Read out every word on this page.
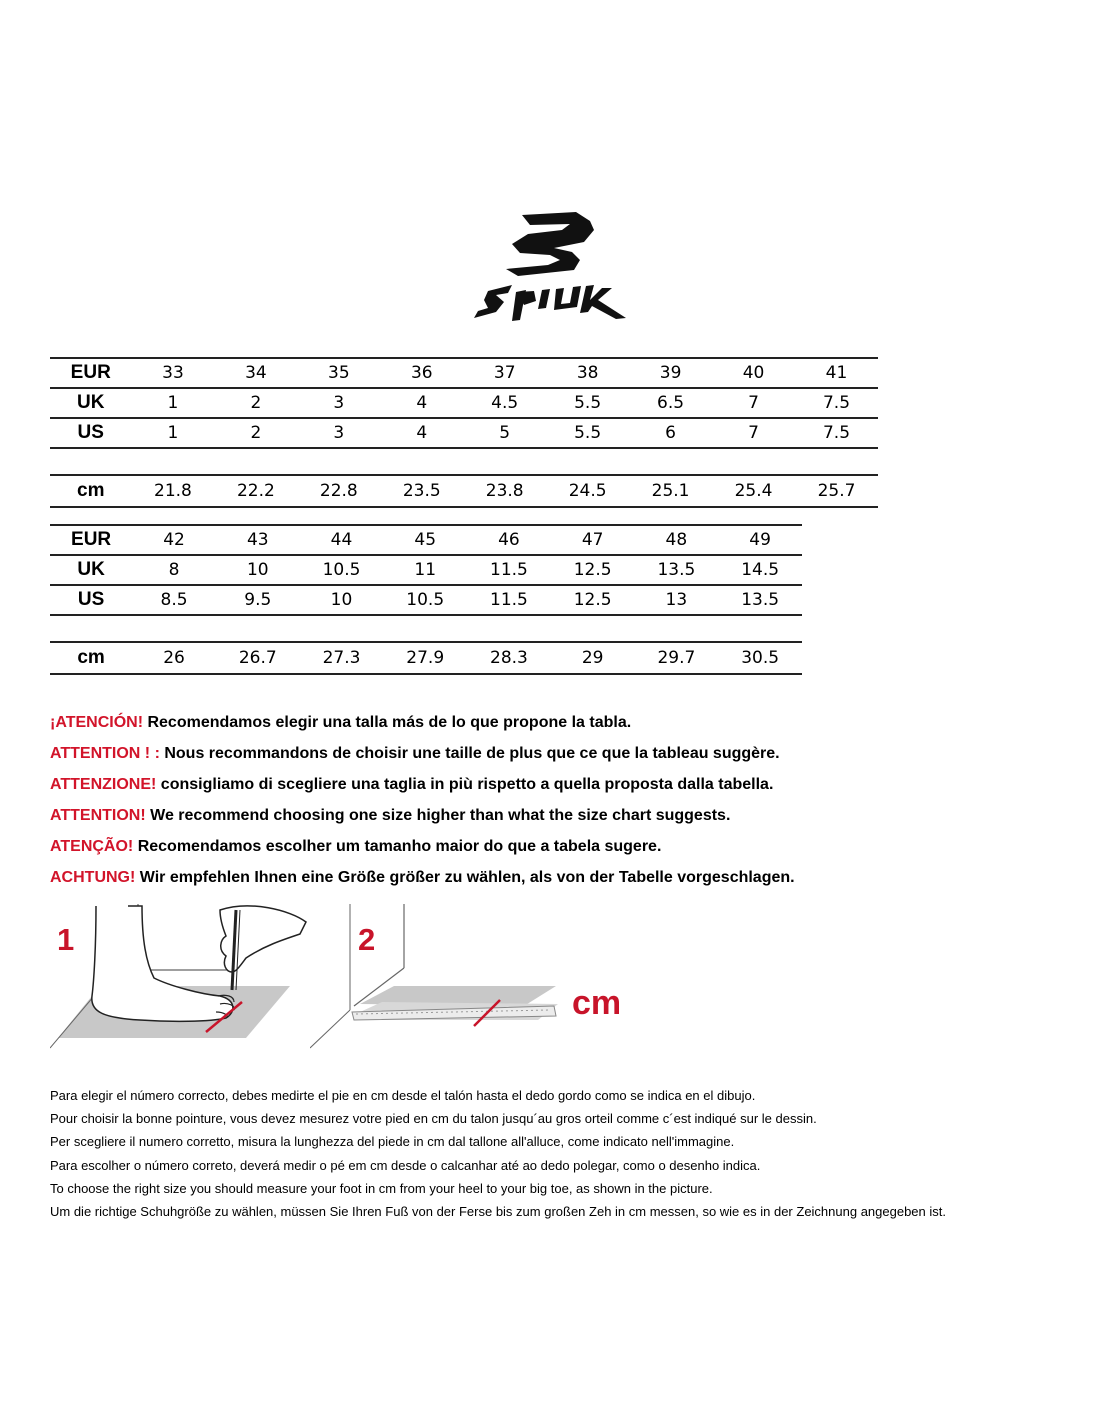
EUR	33	34	35	36	37	38	39	40	41
UK	1	2	3	4	4.5	5.5	6.5	7	7.5
US	1	2	3	4	5	5.5	6	7	7.5

cm	21.8	22.2	22.8	23.5	23.8	24.5	25.1	25.4	25.7
EUR	42	43	44	45	46	47	48	49
UK	8	10	10.5	11	11.5	12.5	13.5	14.5
US	8.5	9.5	10	10.5	11.5	12.5	13	13.5

cm	26	26.7	27.3	27.9	28.3	29	29.7	30.5
¡ATENCIÓN! Recomendamos elegir una talla más de lo que propone la tabla.
ATTENTION ! : Nous recommandons de choisir une taille de plus que ce que la tableau suggère.
ATTENZIONE! consigliamo di scegliere una taglia in più rispetto a quella proposta dalla tabella.
ATTENTION! We recommend choosing one size higher than what the size chart suggests.
ATENÇÃO! Recomendamos escolher um tamanho maior do que a tabela sugere.
ACHTUNG! Wir empfehlen Ihnen eine Größe größer zu wählen, als von der Tabelle vorgeschlagen.
1	2
cm
Para elegir el número correcto, debes medirte el pie en cm desde el talón hasta el dedo gordo como se indica en el dibujo.
Pour choisir la bonne pointure, vous devez mesurez votre pied en cm du talon jusqu´au gros orteil comme c´est indiqué sur le dessin.
Per scegliere il numero corretto, misura la lunghezza del piede in cm dal tallone all'alluce, come indicato nell'immagine.
Para escolher o número correto, deverá medir o pé em cm desde o calcanhar até ao dedo polegar, como o desenho indica.
To choose the right size you should measure your foot in cm from your heel to your big toe, as shown in the picture.
Um die richtige Schuhgröße zu wählen, müssen Sie Ihren Fuß von der Ferse bis zum großen Zeh in cm messen, so wie es in der Zeichnung angegeben ist.
